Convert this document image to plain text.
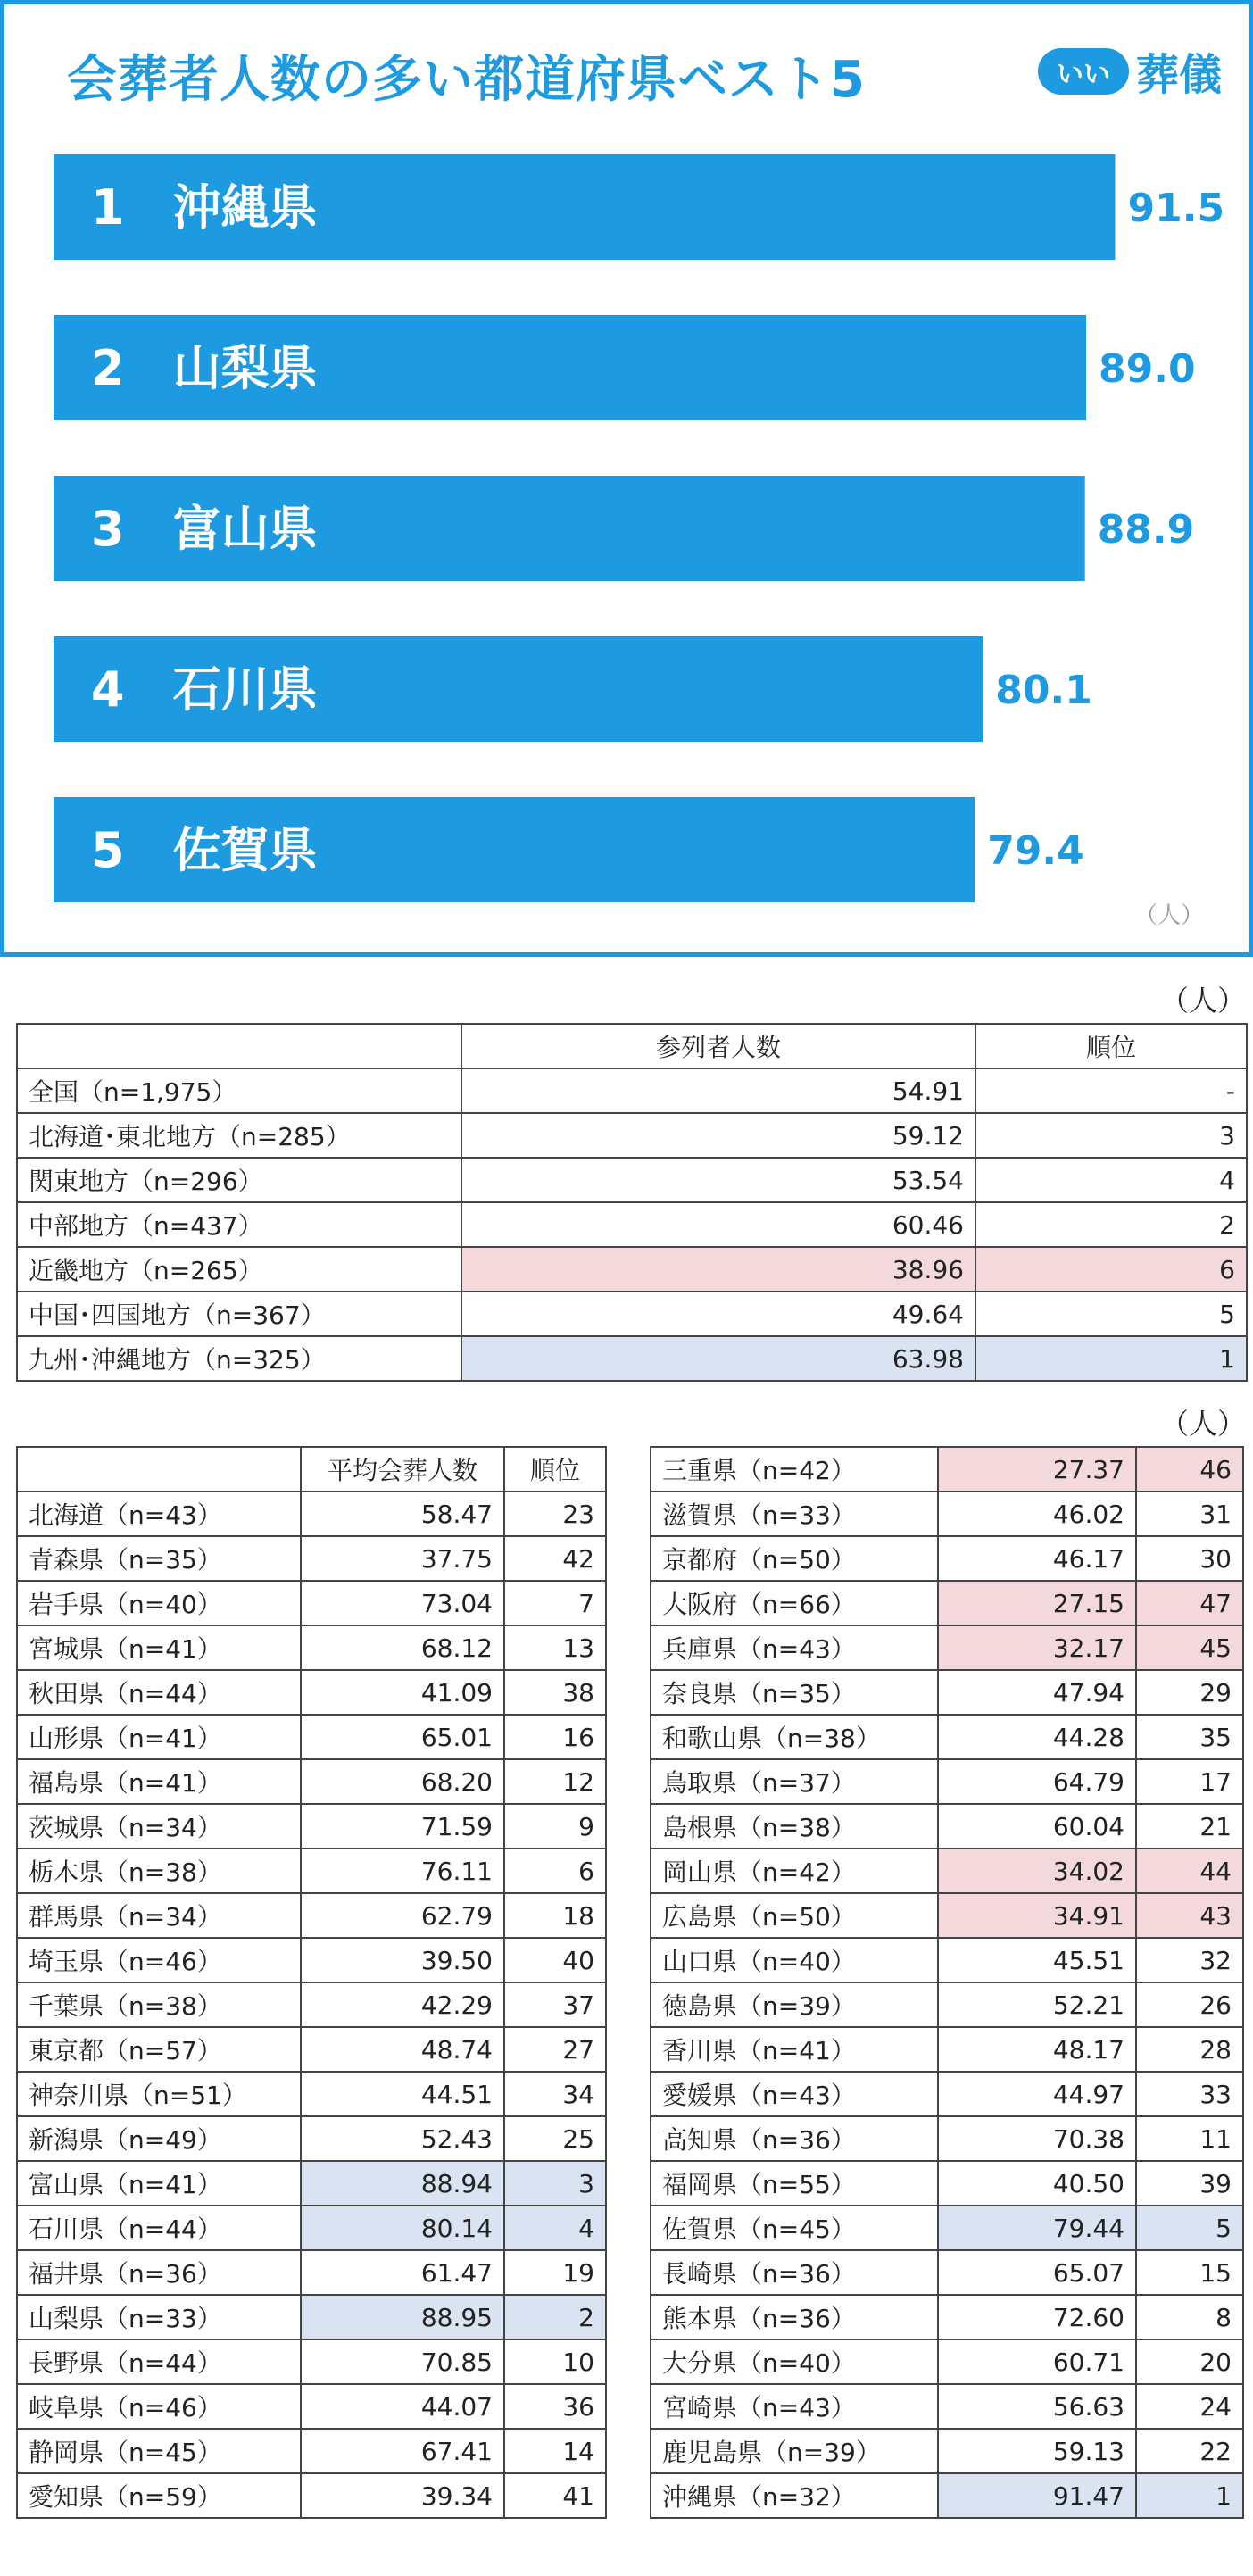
会葬者人数の多い都道府県ベスト5	いい 葬儀
1　沖縄県	91.5
2　山梨県	89.0
3　富山県	88.9
4　石川県	80.1
5　佐賀県	79.4
（人）
（人）
	参列者人数	順位
全国（n=1,975）	54.91	-
北海道･東北地方（n=285）	59.12	3
関東地方（n=296）	53.54	4
中部地方（n=437）	60.46	2
近畿地方（n=265）	38.96	6
中国･四国地方（n=367）	49.64	5
九州･沖縄地方（n=325）	63.98	1
（人）
	平均会葬人数	順位
北海道（n=43）	58.47	23
青森県（n=35）	37.75	42
岩手県（n=40）	73.04	7
宮城県（n=41）	68.12	13
秋田県（n=44）	41.09	38
山形県（n=41）	65.01	16
福島県（n=41）	68.20	12
茨城県（n=34）	71.59	9
栃木県（n=38）	76.11	6
群馬県（n=34）	62.79	18
埼玉県（n=46）	39.50	40
千葉県（n=38）	42.29	37
東京都（n=57）	48.74	27
神奈川県（n=51）	44.51	34
新潟県（n=49）	52.43	25
富山県（n=41）	88.94	3
石川県（n=44）	80.14	4
福井県（n=36）	61.47	19
山梨県（n=33）	88.95	2
長野県（n=44）	70.85	10
岐阜県（n=46）	44.07	36
静岡県（n=45）	67.41	14
愛知県（n=59）	39.34	41
三重県（n=42）	27.37	46
滋賀県（n=33）	46.02	31
京都府（n=50）	46.17	30
大阪府（n=66）	27.15	47
兵庫県（n=43）	32.17	45
奈良県（n=35）	47.94	29
和歌山県（n=38）	44.28	35
鳥取県（n=37）	64.79	17
島根県（n=38）	60.04	21
岡山県（n=42）	34.02	44
広島県（n=50）	34.91	43
山口県（n=40）	45.51	32
徳島県（n=39）	52.21	26
香川県（n=41）	48.17	28
愛媛県（n=43）	44.97	33
高知県（n=36）	70.38	11
福岡県（n=55）	40.50	39
佐賀県（n=45）	79.44	5
長崎県（n=36）	65.07	15
熊本県（n=36）	72.60	8
大分県（n=40）	60.71	20
宮崎県（n=43）	56.63	24
鹿児島県（n=39）	59.13	22
沖縄県（n=32）	91.47	1
